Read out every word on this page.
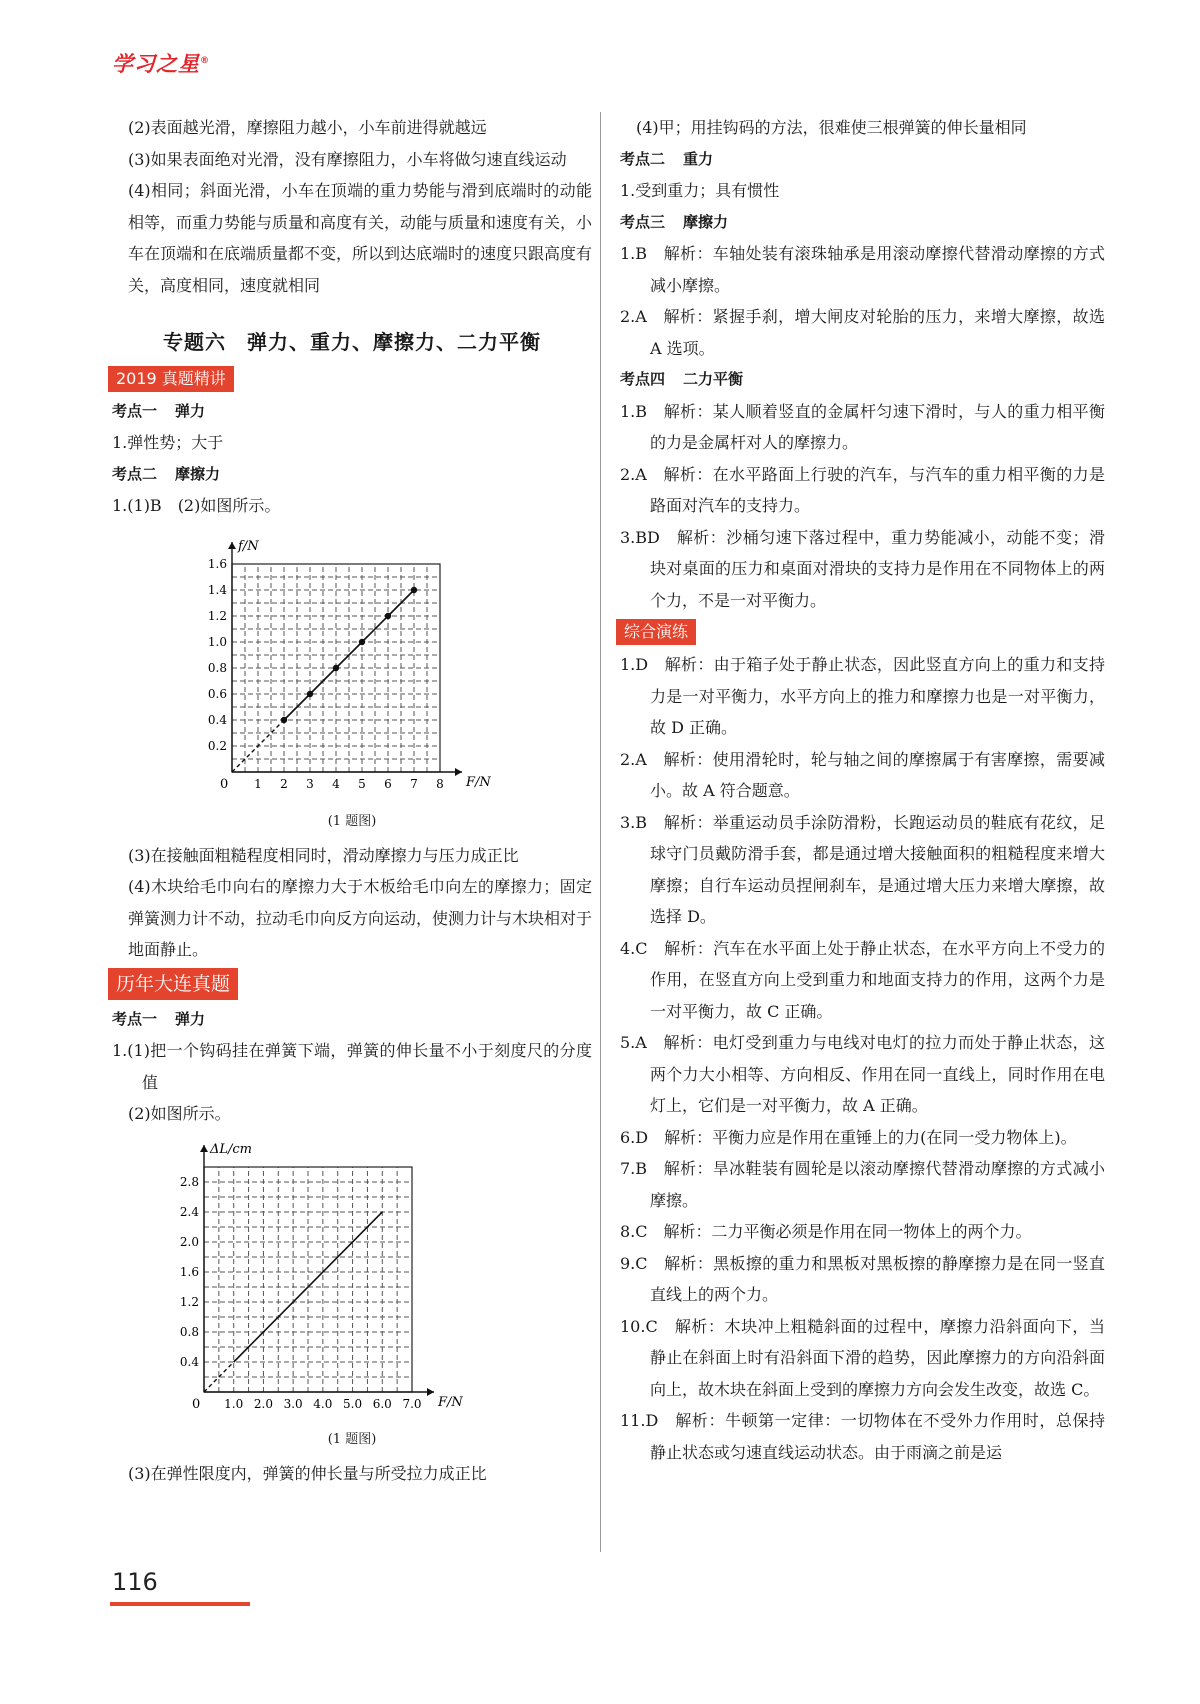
学习之星®

(2)表面越光滑，摩擦阻力越小，小车前进得就越远

(3)如果表面绝对光滑，没有摩擦阻力，小车将做匀速直线运动

(4)相同；斜面光滑，小车在顶端的重力势能与滑到底端时的动能相等，而重力势能与质量和高度有关，动能与质量和速度有关，小车在顶端和在底端质量都不变，所以到达底端时的速度只跟高度有关，高度相同，速度就相同

专题六　弹力、重力、摩擦力、二力平衡
2019 真题精讲

考点一 弹力

1.弹性势；大于

考点二 摩擦力

1.(1)B　(2)如图所示。

f/N
F/N
0 1 2 3 4 5 6 7 8
0.2
0.4
0.6
0.8
1.0
1.2
1.4
1.6

(1 题图)

(3)在接触面粗糙程度相同时，滑动摩擦力与压力成正比

(4)木块给毛巾向右的摩擦力大于木板给毛巾向左的摩擦力；固定弹簧测力计不动，拉动毛巾向反方向运动，使测力计与木块相对于地面静止。

历年大连真题

考点一 弹力

1.(1)把一个钩码挂在弹簧下端，弹簧的伸长量不小于刻度尺的分度值

(2)如图所示。

ΔL/cm
F/N
0 1.0 2.0 3.0 4.0 5.0 6.0 7.0
0.4
0.8
1.2
1.6
2.0
2.4
2.8

(1 题图)

(3)在弹性限度内，弹簧的伸长量与所受拉力成正比

(4)甲；用挂钩码的方法，很难使三根弹簧的伸长量相同

考点二 重力

1.受到重力；具有惯性

考点三 摩擦力

1.B　解析：车轴处装有滚珠轴承是用滚动摩擦代替滑动摩擦的方式减小摩擦。

2.A　解析：紧握手刹，增大闸皮对轮胎的压力，来增大摩擦，故选 A 选项。

考点四 二力平衡

1.B　解析：某人顺着竖直的金属杆匀速下滑时，与人的重力相平衡的力是金属杆对人的摩擦力。

2.A　解析：在水平路面上行驶的汽车，与汽车的重力相平衡的力是路面对汽车的支持力。

3.BD　解析：沙桶匀速下落过程中，重力势能减小，动能不变；滑块对桌面的压力和桌面对滑块的支持力是作用在不同物体上的两个力，不是一对平衡力。

综合演练

1.D　解析：由于箱子处于静止状态，因此竖直方向上的重力和支持力是一对平衡力，水平方向上的推力和摩擦力也是一对平衡力，故 D 正确。

2.A　解析：使用滑轮时，轮与轴之间的摩擦属于有害摩擦，需要减小。故 A 符合题意。

3.B　解析：举重运动员手涂防滑粉，长跑运动员的鞋底有花纹，足球守门员戴防滑手套，都是通过增大接触面积的粗糙程度来增大摩擦；自行车运动员捏闸刹车，是通过增大压力来增大摩擦，故选择 D。

4.C　解析：汽车在水平面上处于静止状态，在水平方向上不受力的作用，在竖直方向上受到重力和地面支持力的作用，这两个力是一对平衡力，故 C 正确。

5.A　解析：电灯受到重力与电线对电灯的拉力而处于静止状态，这两个力大小相等、方向相反、作用在同一直线上，同时作用在电灯上，它们是一对平衡力，故 A 正确。

6.D　解析：平衡力应是作用在重锤上的力(在同一受力物体上)。

7.B　解析：旱冰鞋装有圆轮是以滚动摩擦代替滑动摩擦的方式减小摩擦。

8.C　解析：二力平衡必须是作用在同一物体上的两个力。

9.C　解析：黑板擦的重力和黑板对黑板擦的静摩擦力是在同一竖直直线上的两个力。

10.C　解析：木块冲上粗糙斜面的过程中，摩擦力沿斜面向下，当静止在斜面上时有沿斜面下滑的趋势，因此摩擦力的方向沿斜面向上，故木块在斜面上受到的摩擦力方向会发生改变，故选 C。

11.D　解析：牛顿第一定律：一切物体在不受外力作用时，总保持静止状态或匀速直线运动状态。由于雨滴之前是运

116
